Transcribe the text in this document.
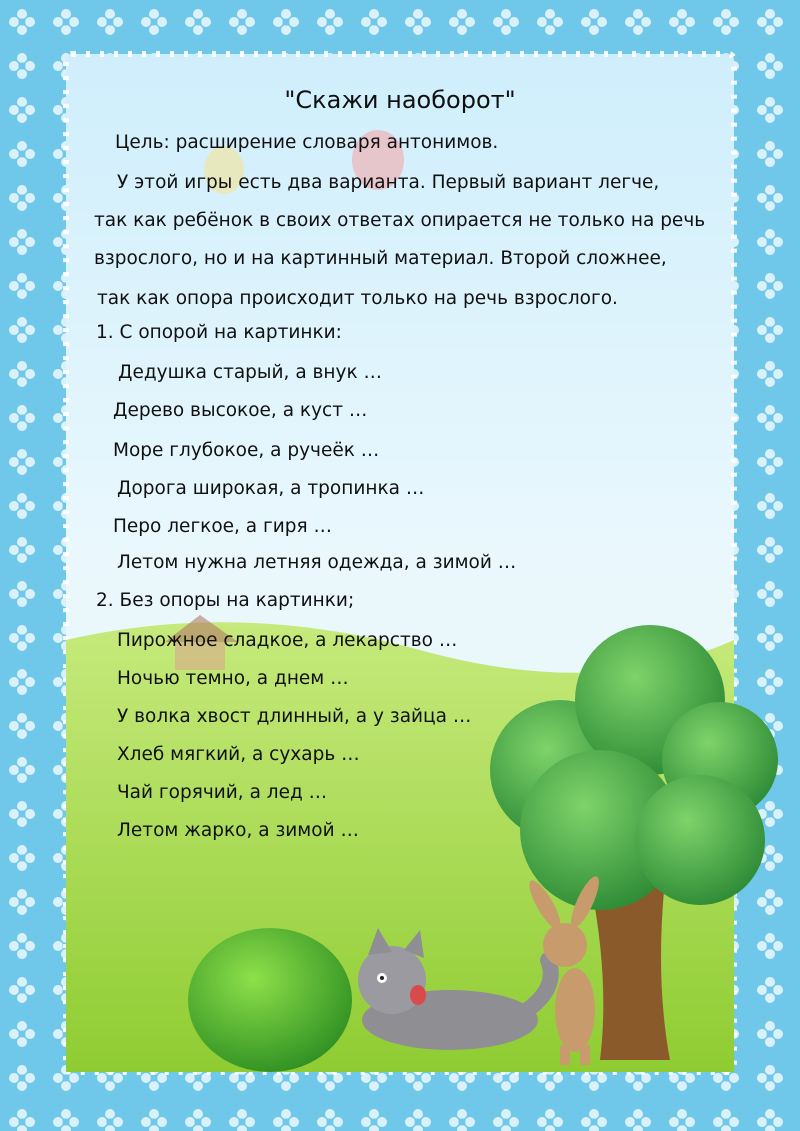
"Скажи наоборот"
Цель: расширение словаря антонимов.
У этой игры есть два варианта. Первый вариант легче,
так как ребёнок в своих ответах опирается не только на речь
взрослого, но и на картинный материал. Второй сложнее,
так как опора происходит только на речь взрослого.
1. С опорой на картинки:
Дедушка старый, а внук …
Дерево высокое, а куст …
Море глубокое, а ручеёк …
Дорога широкая, а тропинка …
Перо легкое, а гиря …
Летом нужна летняя одежда, а зимой …
2. Без опоры на картинки;
Пирожное сладкое, а лекарство …
Ночью темно, а днем …
У волка хвост длинный, а у зайца …
Хлеб мягкий, а сухарь …
Чай горячий, а лед …
Летом жарко, а зимой …
